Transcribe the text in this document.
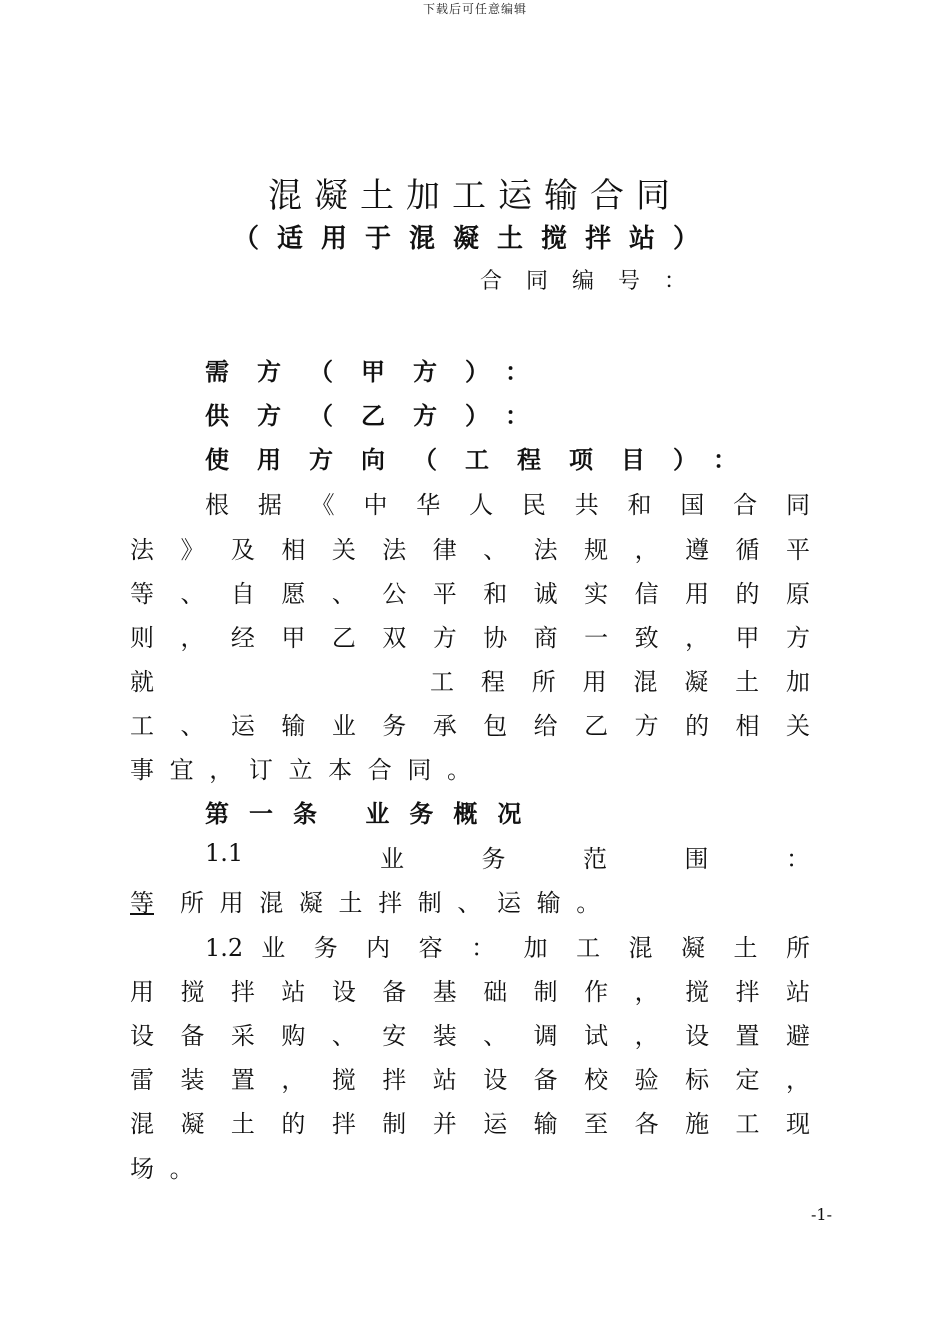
下载后可任意编辑
混凝土加工运输合同
（适用于混凝土搅拌站）
合同编号：
需方（甲方）：
供方（乙方）：
使用方向（工程项目）：
根 据 《 中 华 人 民 共 和 国 合 同
法 》 及 相 关 法 律 、 法 规 ， 遵 循 平
等 、 自 愿 、 公 平 和 诚 实 信 用 的 原
则 ， 经 甲 乙 双 方 协 商 一 致 ， 甲 方
就	工 程 所 用 混 凝 土 加
工 、 运 输 业 务 承 包 给 乙 方 的 相 关
事 宜 ， 订 立 本 合 同 。
第一条 业务概况
1.1	业 务 范 围 ：
等	所 用 混 凝 土 拌 制 、 运 输 。
1.2 业 务 内 容 ： 加 工 混 凝 土 所
用 搅 拌 站 设 备 基 础 制 作 ， 搅 拌 站
设 备 采 购 、 安 装 、 调 试 ， 设 置 避
雷 装 置 ， 搅 拌 站 设 备 校 验 标 定 ，
混 凝 土 的 拌 制 并 运 输 至 各 施 工 现
场 。
-1-
